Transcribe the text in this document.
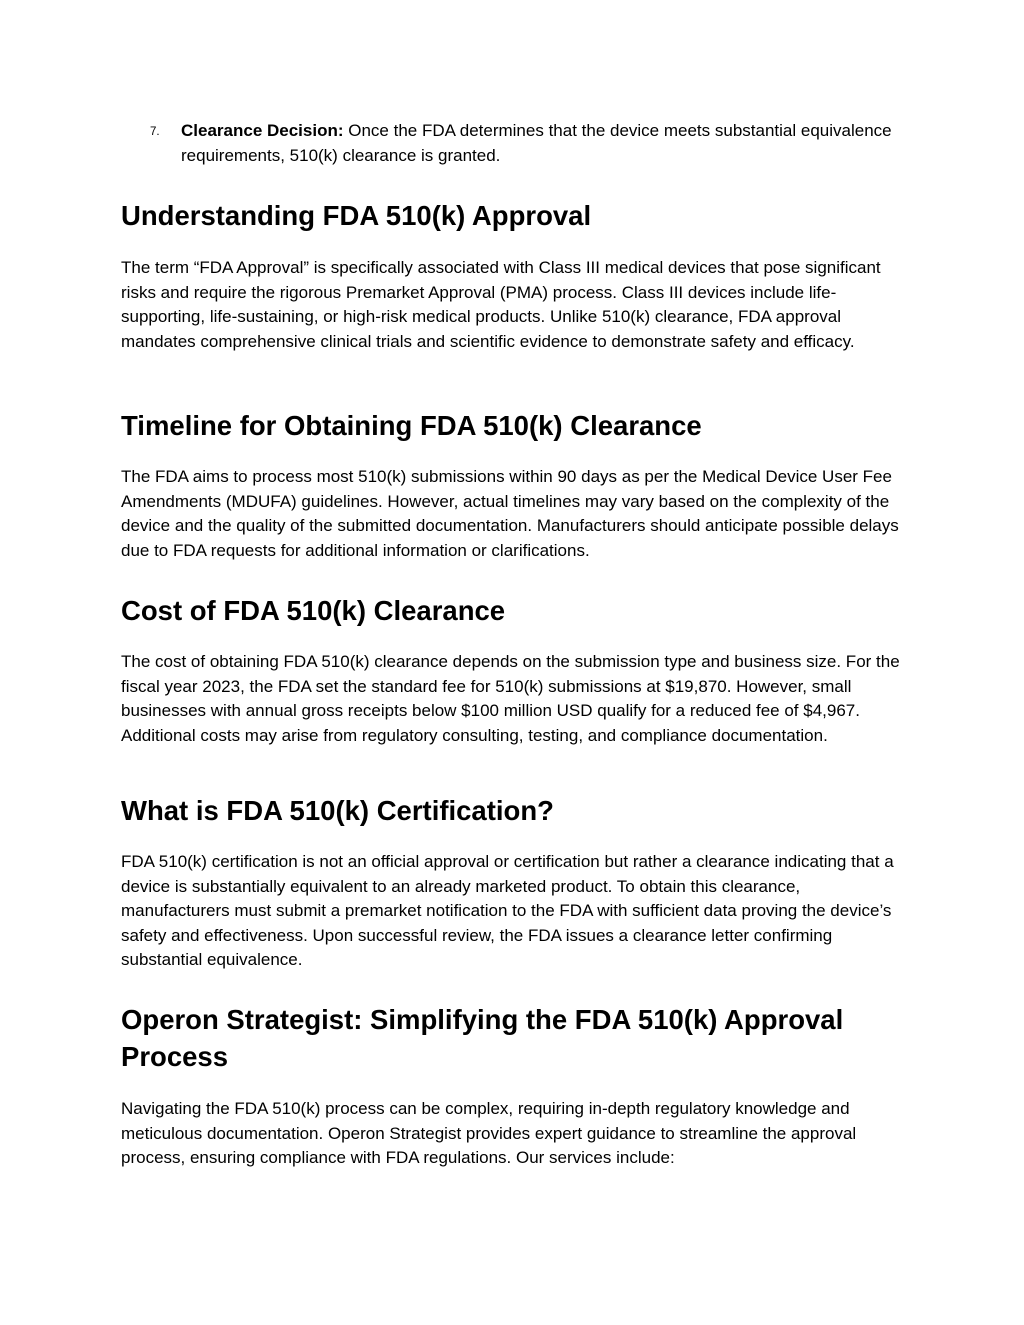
7. Clearance Decision: Once the FDA determines that the device meets substantial equivalence requirements, 510(k) clearance is granted.
Understanding FDA 510(k) Approval

The term “FDA Approval” is specifically associated with Class III medical devices that pose significant risks and require the rigorous Premarket Approval (PMA) process. Class III devices include life-supporting, life-sustaining, or high-risk medical products. Unlike 510(k) clearance, FDA approval mandates comprehensive clinical trials and scientific evidence to demonstrate safety and efficacy.

Timeline for Obtaining FDA 510(k) Clearance

The FDA aims to process most 510(k) submissions within 90 days as per the Medical Device User Fee Amendments (MDUFA) guidelines. However, actual timelines may vary based on the complexity of the device and the quality of the submitted documentation. Manufacturers should anticipate possible delays due to FDA requests for additional information or clarifications.

Cost of FDA 510(k) Clearance

The cost of obtaining FDA 510(k) clearance depends on the submission type and business size. For the fiscal year 2023, the FDA set the standard fee for 510(k) submissions at $19,870. However, small businesses with annual gross receipts below $100 million USD qualify for a reduced fee of $4,967. Additional costs may arise from regulatory consulting, testing, and compliance documentation.

What is FDA 510(k) Certification?

FDA 510(k) certification is not an official approval or certification but rather a clearance indicating that a device is substantially equivalent to an already marketed product. To obtain this clearance, manufacturers must submit a premarket notification to the FDA with sufficient data proving the device’s safety and effectiveness. Upon successful review, the FDA issues a clearance letter confirming substantial equivalence.

Operon Strategist: Simplifying the FDA 510(k) Approval Process

Navigating the FDA 510(k) process can be complex, requiring in-depth regulatory knowledge and meticulous documentation. Operon Strategist provides expert guidance to streamline the approval process, ensuring compliance with FDA regulations. Our services include:
